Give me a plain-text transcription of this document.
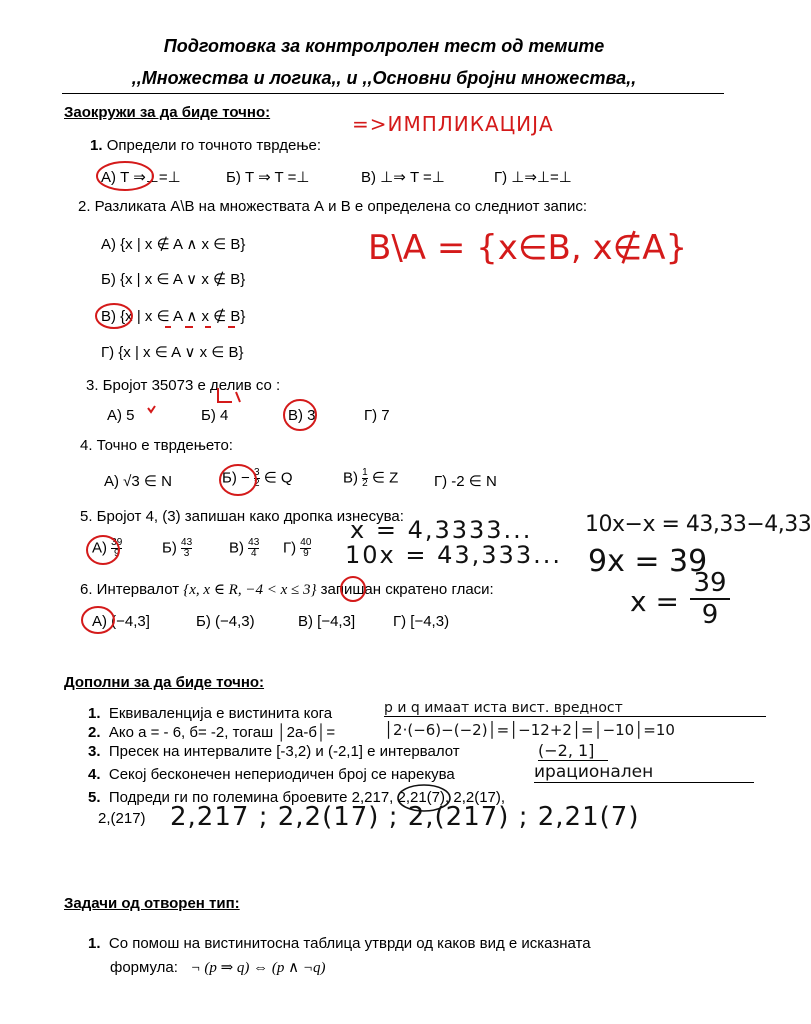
Подготовка за контролролен тест од темите
,,Множества и логика,, и ,,Основни бројни множества,,
Заокружи за да биде точно:	=>ИМПЛИКАЦИЈА
1. Определи го точното тврдење:
А) T ⇒⊥=⊥	Б) T ⇒ T =⊥	В) ⊥⇒ T =⊥	Г) ⊥⇒⊥=⊥
2. Разликата A\B на множествата А и В е определена со следниот запис:
А) {x | x ∉ A ∧ x ∈ B}
Б) {x | x ∈ A ∨ x ∉ B}
В) {x | x ∈ A ∧ x ∉ B}
Г) {x | x ∈ A ∨ x ∈ B}
B\A = {x∈B, x∉A}
3. Бројот 35073 е делив со :
А) 5	Б) 4	В) 3	Г) 7
4. Точно е тврдењето:
А) √3 ∈ N	$Б) - \frac{3}{2}$ ∈ Q	$В) \frac{1}{2}$ ∈ Z Г) -2 ∈ N
5. Бројот 4, (3) запишан како дропка изнесува:
$А) \frac{39}{9}$	$Б) \frac{43}{3} В) \frac{43}{4} Г) \frac{40}{9}$
x = 4,3333...
10x = 43,333...
10x−x = 43,33−4,33
9x = 39
x =
39
9
6. Интервалот {x, x ∈ R, −4 < x ≤ 3} запишан скратено гласи:
А) (−4,3]	Б) (−4,3)	В) [−4,3]	Г) [−4,3)
Дополни за да биде точно:
1. Еквиваленција е вистинита кога	р и q имаат иста вист. вредност
2. Ако а = - 6, б= -2, тогаш │2а-б│=	│2·(−6)−(−2)│=│−12+2│=│−10│=10
3. Пресек на интервалите [-3,2) и (-2,1] е интервалот	(−2, 1]
4. Секој бесконечен непериодичен број се нарекува	ирационален
5. Подреди ги по големина броевите 2,217, 2,21(7), 2,2(17),
2,(217) 2,217 ; 2,2(17) ; 2,(217) ; 2,21(7)
Задачи од отворен тип:
1. Со помош на вистинитосна таблица утврди од каков вид е исказната
формула: ¬ (p ⇒ q) ⇔ (p ∧ ¬q)
